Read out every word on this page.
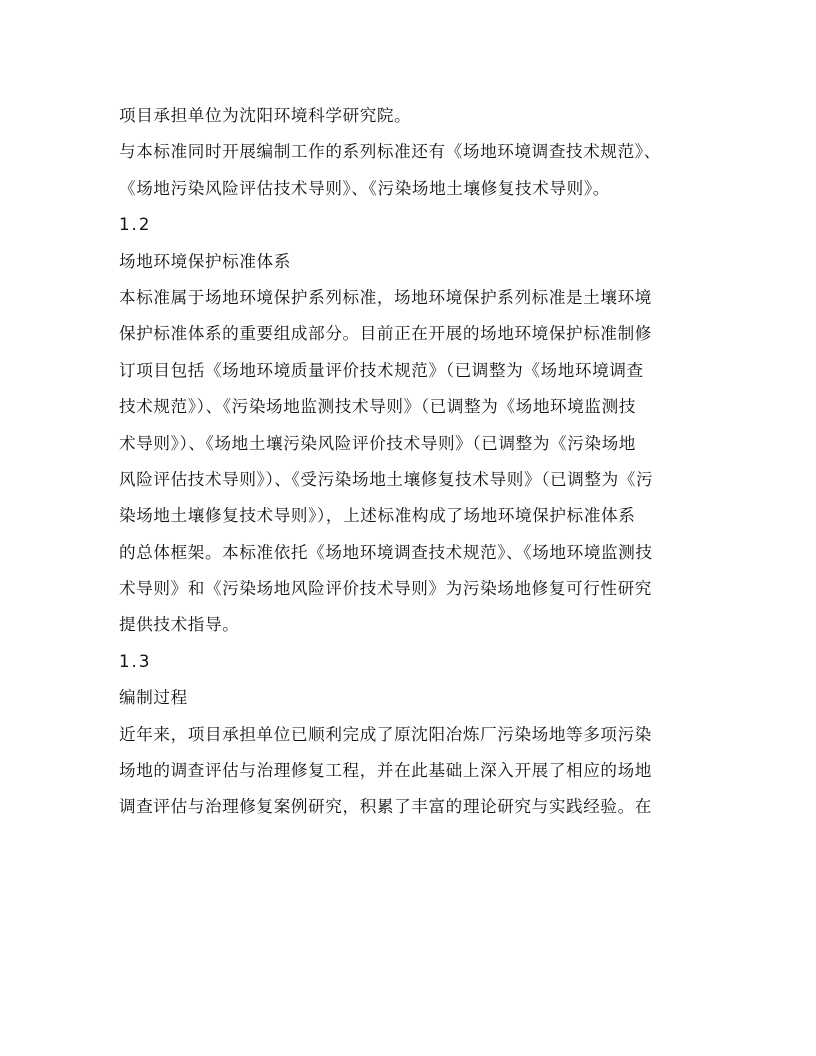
项目承担单位为沈阳环境科学研究院。
与本标准同时开展编制工作的系列标准还有《场地环境调查技术规范》、
《场地污染风险评估技术导则》、《污染场地土壤修复技术导则》。
1.2
场地环境保护标准体系
本标准属于场地环境保护系列标准，场地环境保护系列标准是土壤环境
保护标准体系的重要组成部分。目前正在开展的场地环境保护标准制修
订项目包括《场地环境质量评价技术规范》（已调整为《场地环境调查
技术规范》）、《污染场地监测技术导则》（已调整为《场地环境监测技
术导则》）、《场地土壤污染风险评价技术导则》（已调整为《污染场地
风险评估技术导则》）、《受污染场地土壤修复技术导则》（已调整为《污
染场地土壤修复技术导则》），上述标准构成了场地环境保护标准体系
的总体框架。本标准依托《场地环境调查技术规范》、《场地环境监测技
术导则》和《污染场地风险评价技术导则》为污染场地修复可行性研究
提供技术指导。
1.3
编制过程
近年来，项目承担单位已顺利完成了原沈阳冶炼厂污染场地等多项污染
场地的调查评估与治理修复工程，并在此基础上深入开展了相应的场地
调查评估与治理修复案例研究，积累了丰富的理论研究与实践经验。在
